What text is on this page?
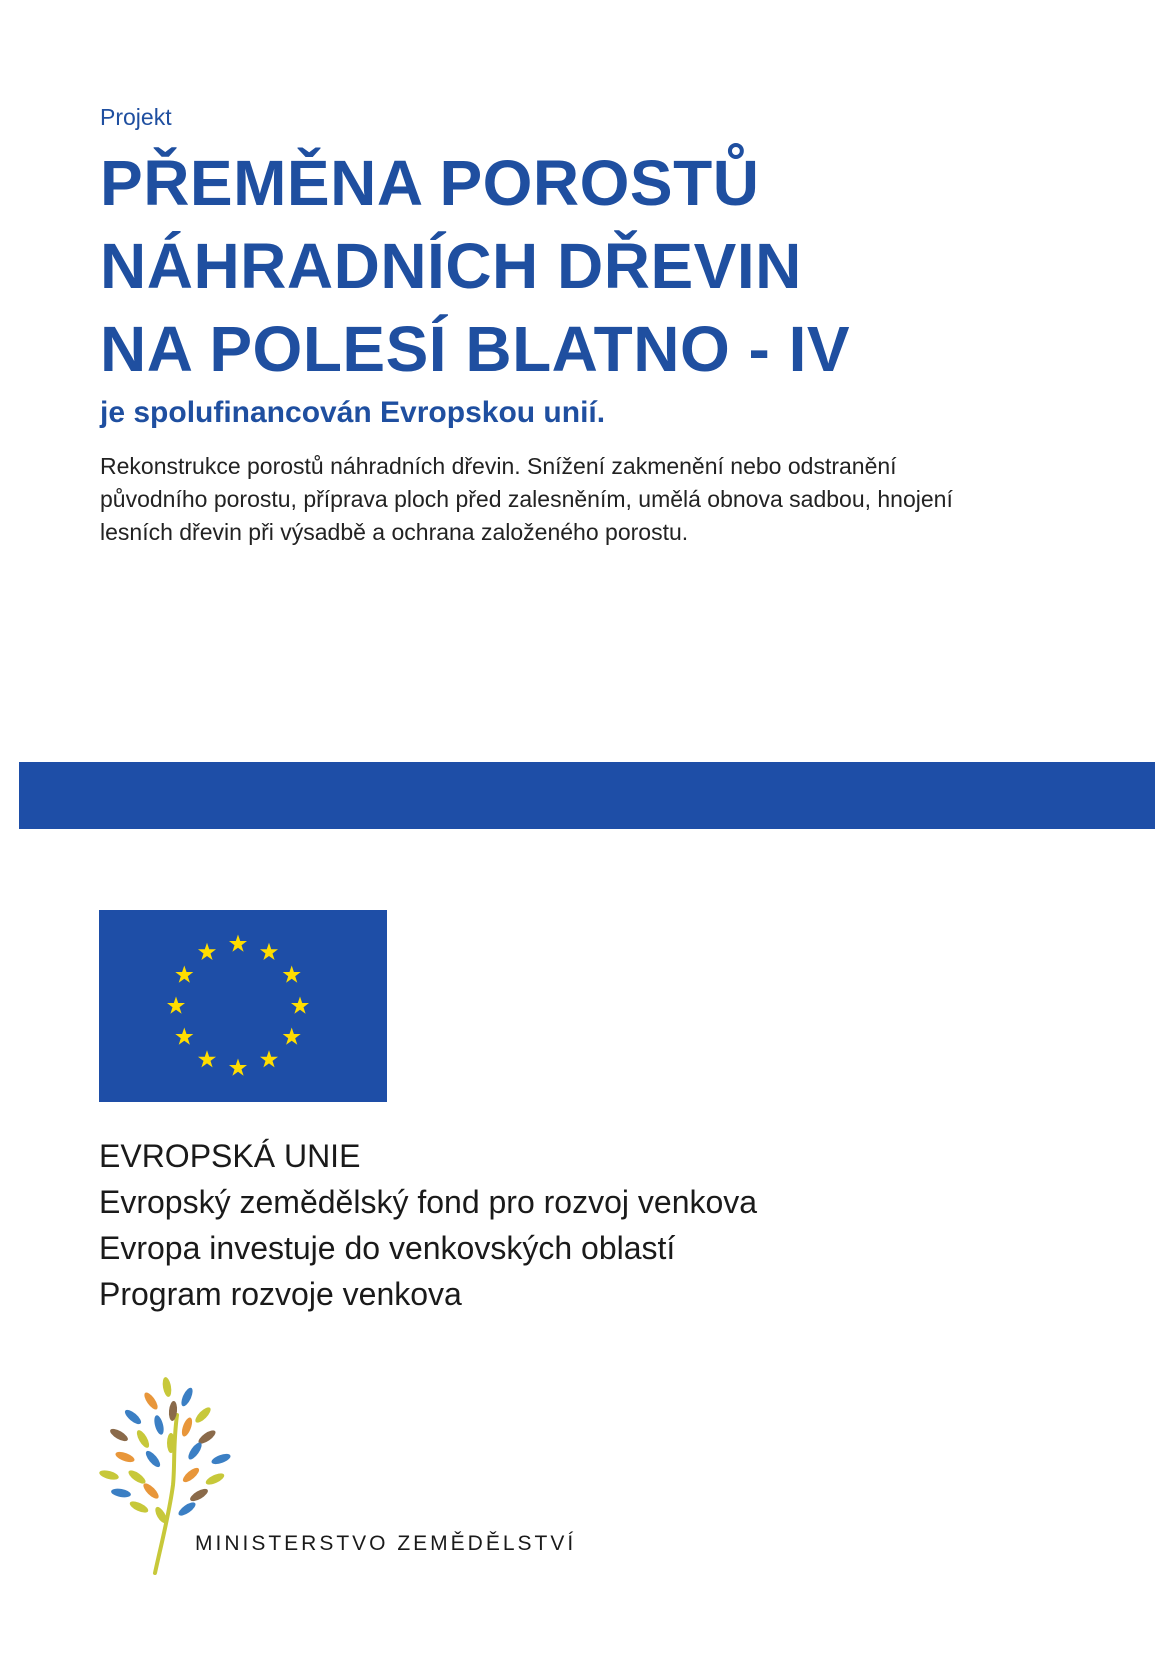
Projekt
PŘEMĚNA POROSTŮ
NÁHRADNÍCH DŘEVIN
NA POLESÍ BLATNO - IV
je spolufinancován Evropskou unií.

Rekonstrukce porostů náhradních dřevin. Snížení zakmenění nebo odstranění
původního porostu, příprava ploch před zalesněním, umělá obnova sadbou, hnojení
lesních dřevin při výsadbě a ochrana založeného porostu.

EVROPSKÁ UNIE
Evropský zemědělský fond pro rozvoj venkova
Evropa investuje do venkovských oblastí
Program rozvoje venkova
MINISTERSTVO ZEMĚDĚLSTVÍ
